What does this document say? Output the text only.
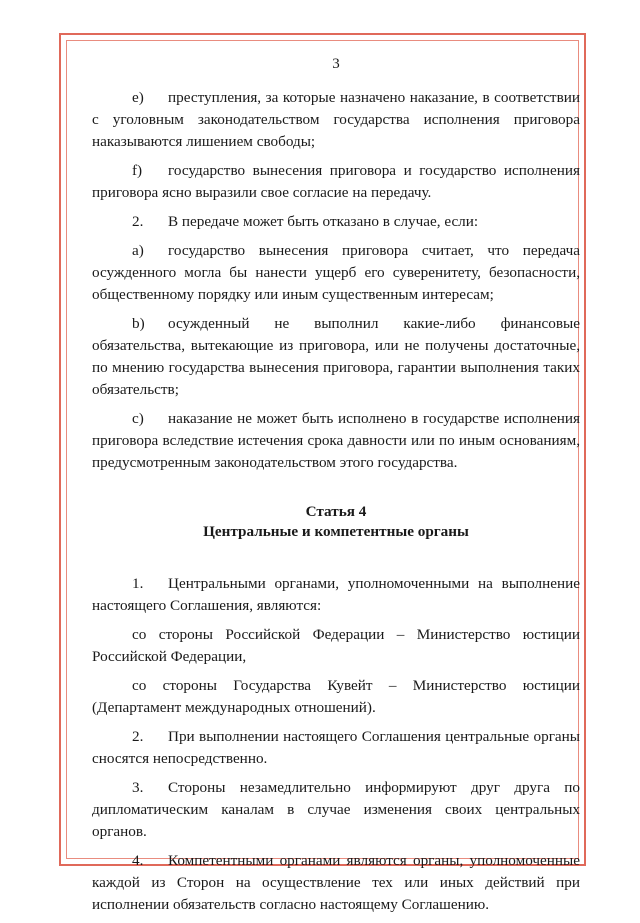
3

e) преступления, за которые назначено наказание, в соответствии с уголовным законодательством государства исполнения приговора наказываются лишением свободы;

f) государство вынесения приговора и государство исполнения приговора ясно выразили свое согласие на передачу.

2. В передаче может быть отказано в случае, если:

а) государство вынесения приговора считает, что передача осужденного могла бы нанести ущерб его суверенитету, безопасности, общественному порядку или иным существенным интересам;

b) осужденный не выполнил какие-либо финансовые обязательства, вытекающие из приговора, или не получены достаточные, по мнению государства вынесения приговора, гарантии выполнения таких обязательств;

с) наказание не может быть исполнено в государстве исполнения приговора вследствие истечения срока давности или по иным основаниям, предусмотренным законодательством этого государства.

Статья 4
Центральные и компетентные органы

1. Центральными органами, уполномоченными на выполнение настоящего Соглашения, являются:

со стороны Российской Федерации – Министерство юстиции Российской Федерации,

со стороны Государства Кувейт – Министерство юстиции (Департамент международных отношений).

2. При выполнении настоящего Соглашения центральные органы сносятся непосредственно.

3. Стороны незамедлительно информируют друг друга по дипломатическим каналам в случае изменения своих центральных органов.

4. Компетентными органами являются органы, уполномоченные каждой из Сторон на осуществление тех или иных действий при исполнении обязательств согласно настоящему Соглашению.
